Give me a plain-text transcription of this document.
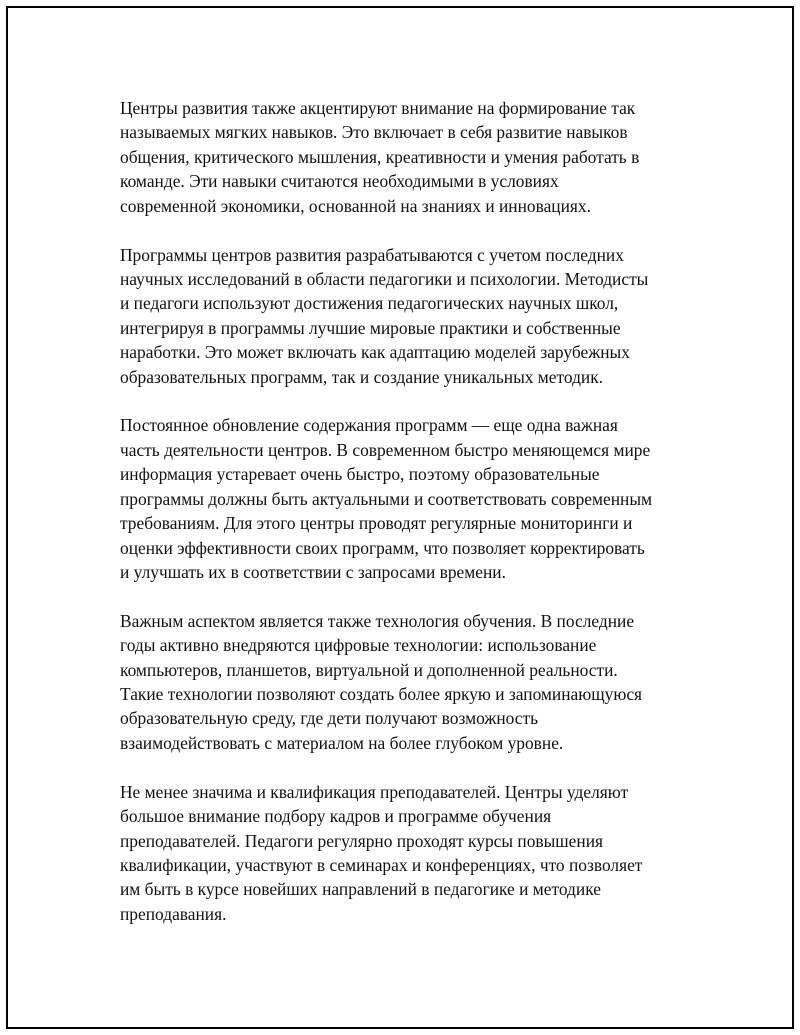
Центры развития также акцентируют внимание на формирование так
называемых мягких навыков. Это включает в себя развитие навыков
общения, критического мышления, креативности и умения работать в
команде. Эти навыки считаются необходимыми в условиях
современной экономики, основанной на знаниях и инновациях.

Программы центров развития разрабатываются с учетом последних
научных исследований в области педагогики и психологии. Методисты
и педагоги используют достижения педагогических научных школ,
интегрируя в программы лучшие мировые практики и собственные
наработки. Это может включать как адаптацию моделей зарубежных
образовательных программ, так и создание уникальных методик.

Постоянное обновление содержания программ — еще одна важная
часть деятельности центров. В современном быстро меняющемся мире
информация устаревает очень быстро, поэтому образовательные
программы должны быть актуальными и соответствовать современным
требованиям. Для этого центры проводят регулярные мониторинги и
оценки эффективности своих программ, что позволяет корректировать
и улучшать их в соответствии с запросами времени.

Важным аспектом является также технология обучения. В последние
годы активно внедряются цифровые технологии: использование
компьютеров, планшетов, виртуальной и дополненной реальности.
Такие технологии позволяют создать более яркую и запоминающуюся
образовательную среду, где дети получают возможность
взаимодействовать с материалом на более глубоком уровне.

Не менее значима и квалификация преподавателей. Центры уделяют
большое внимание подбору кадров и программе обучения
преподавателей. Педагоги регулярно проходят курсы повышения
квалификации, участвуют в семинарах и конференциях, что позволяет
им быть в курсе новейших направлений в педагогике и методике
преподавания.
